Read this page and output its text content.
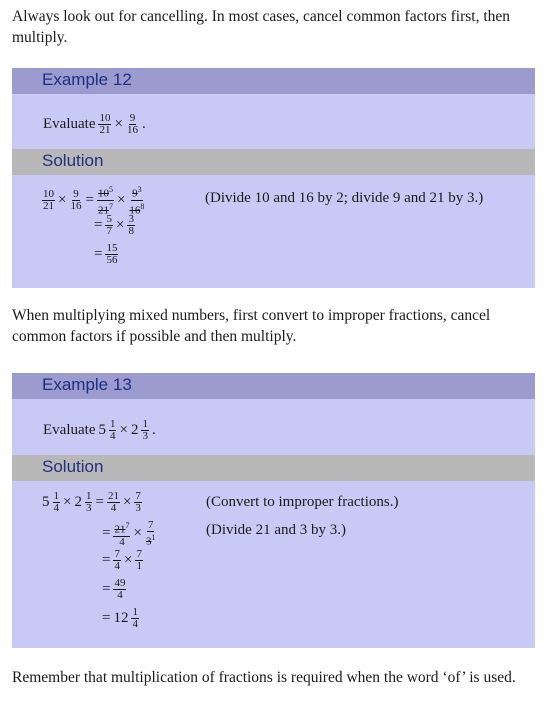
Always look out for cancelling. In most cases, cancel common factors first, then multiply.

Example 12
Evaluate $\frac{10}{21} \times \frac{9}{16}$ .
Solution
$\frac{10}{21} \times \frac{9}{16} = \frac{10^5}{21^7} \times \frac{9^3}{16^8}$	(Divide 10 and 16 by 2; divide 9 and 21 by 3.)
= $\frac{5}{7} \times \frac{3}{8}$
= $\frac{15}{56}$

When multiplying mixed numbers, first convert to improper fractions, cancel common factors if possible and then multiply.

Example 13
Evaluate $5 \frac{1}{4} \times 2 \frac{1}{3}$ .
Solution
$5 \frac{1}{4} \times 2 \frac{1}{3} = \frac{21}{4} \times \frac{7}{3}$	(Convert to improper fractions.)
= $\frac{21^7}{4} \times \frac{7}{3^1}$	(Divide 21 and 3 by 3.)
= $\frac{7}{4} \times \frac{7}{1}$
= $\frac{49}{4}$
= $12 \frac{1}{4}$

Remember that multiplication of fractions is required when the word ‘of’ is used.
